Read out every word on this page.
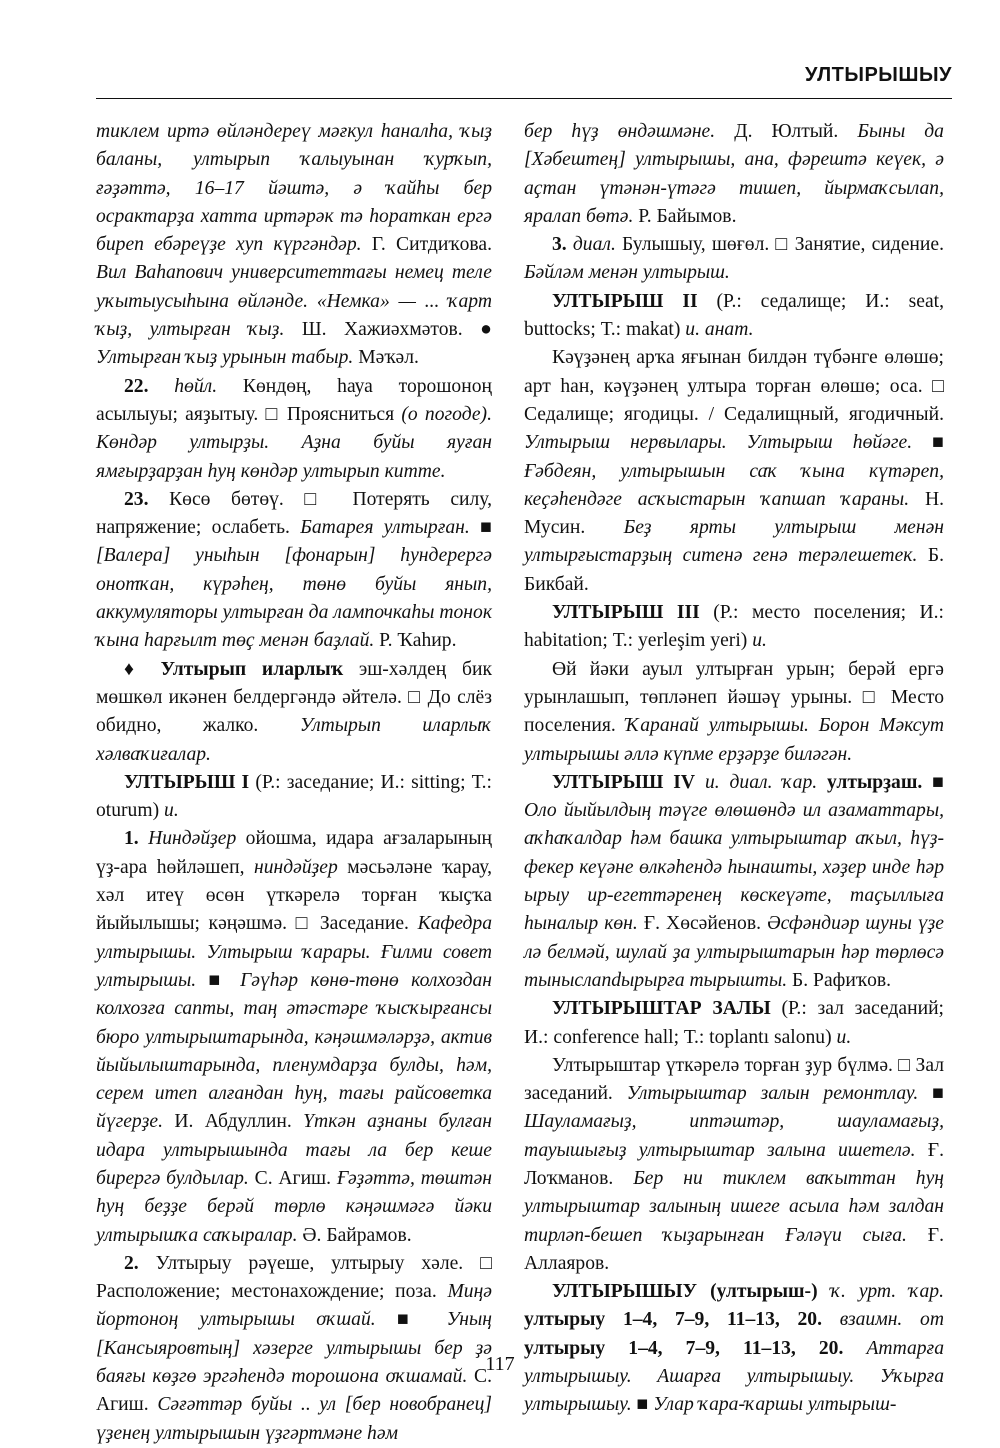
УЛТЫРЫШЫУ

тиклем иртә өйләндереү мәғкул һаналһа, ҡыҙ баланы, ултырып ҡалыуынан ҡурҡып, ғәҙәттә, 16–17 йәштә, ә ҡайһы бер осрактарҙа хатта иртәрәк тә һораткан ергә биреп ебәреүҙе хуп күргәндәр. Г. Ситдиҡова. Вил Ваһапович университеттағы немец теле уҡытыусыһына өйләнде. «Немка» — ... ҡарт ҡыҙ, ултырған ҡыҙ. Ш. Хажиәхмәтов. ● Ултырған ҡыҙ урынын табыр. Мәҡәл.

22. һөйл. Көндөң, һауа торошоноң асылыуы; аяҙытыу. □ Проясниться (о погоде). Көндәр ултырҙы. Аҙна буйы яуған ямғырҙарҙан һуң көндәр ултырып китте.

23. Көсө бөтөү. □ Потерять силу, напряжение; ослабеть. Батарея ултырған. ■ [Валера] уныһын [фонарын] һундерергә онотҡан, күрәһең, төнө буйы янып, аккумуляторы ултырған да лампочкаһы тонок ҡына һарғылт төҫ менән баҙлай. Р. Ҡаһир.

♦ Ултырып иларлыҡ эш-хәлдең бик мөшкөл икәнен белдергәндә әйтелә. □ До слёз обидно, жалко. Ултырып иларлыҡ хәлваҡиғалар.

УЛТЫРЫШ I (Р.: заседание; И.: sitting; Т.: oturum) и.

1. Ниндәйҙер ойошма, идара ағзаларының үҙ-ара һөйләшеп, ниндәйҙер мәсьәләне ҡарау, хәл итеү өсөн үткәрелә торған ҡыҫҡа йыйылышы; кәңәшмә. □ Заседание. Кафедра ултырышы. Ултырыш ҡарары. Ғилми совет ултырышы. ■ Гәүһәр көнө-төнө колхоздан колхозға сапты, таң әтәстәре ҡысҡырғансы бюро ултырыштарында, кәңәшмәләрҙә, актив йыйылыштарында, пленумдарҙа булды, һәм, серем итеп алғандан һуң, тағы райсоветка йүгерҙе. И. Абдуллин. Үткән аҙнаны булған идара ултырышында тағы ла бер кеше бирергә булдылар. С. Агиш. Ғәҙәттә, төштән һуң беҙҙе берәй төрлө кәңәшмәгә йәки ултырышҡа саҡыралар. Ә. Байрамов.

2. Ултырыу рәүеше, ултырыу хәле. □ Расположение; местонахождение; поза. Миңә йортоноң ултырышы оҡшай. ■ Уның [Кансыяровтың] хәзерге ултырышы бер ҙә баяғы көҙгө эргәһендә торошона оҡшамай. С. Агиш. Сәғәттәр буйы .. ул [бер новобранец] үҙенең ултырышын үҙгәртмәне һәм

бер һүҙ өндәшмәне. Д. Юлтый. Быны да [Хәбештең] ултырышы, ана, фәрештә кеүек, ә аҫтан үтәнән-үтәгә тишеп, йырмаҡсылап, яралап бөтә. Р. Байымов.

3. диал. Булышыу, шөғөл. □ Занятие, сидение. Бәйләм менән ултырыш.

УЛТЫРЫШ II (Р.: седалище; И.: seat, buttocks; Т.: makat) и. анат.

Кәүҙәнең арҡа яғынан билдән түбәнге өлөшө; арт һан, кәүҙәнең ултыра торған өлөшө; оса. □ Седалище; ягодицы. / Седалищный, ягодичный. Ултырыш нервылары. Ултырыш һөйәге. ■ Ғәбдеян, ултырышын саҡ ҡына күтәреп, кеҫәһендәге асҡыстарын ҡапшап ҡараны. Н. Мусин. Беҙ ярты ултырыш менән ултырғыстарҙың ситенә генә терәлешетек. Б. Бикбай.

УЛТЫРЫШ III (Р.: место поселения; И.: habitation; Т.: yerleşim yeri) и.

Өй йәки ауыл ултырған урын; берәй ергә урынлашып, төпләнеп йәшәү урыны. □ Место поселения. Ҡаранай ултырышы. Борон Мәксут ултырышы әллә күпме ерҙәрҙе биләгән.

УЛТЫРЫШ IV и. диал. ҡар. ултырҙаш. ■ Оло йыйылдың тәүге өлөшөндә ил азаматтары, аҡһаҡалдар һәм башка ултырыштар аҡыл, һүҙ-фекер кеүәне өлкәһендә һынашты, хәҙер инде һәр ырыу ир-егеттәренең көскеүәте, таҫыллыға һыналыр көн. Ғ. Хөсәйенов. Әсфәндиәр шуны үҙе лә белмәй, шулай ҙа ултырыштарын һәр төрлөсә тыныслandырырға тырышты. Б. Рафиҡов.

УЛТЫРЫШТАР ЗАЛЫ (Р.: зал заседаний; И.: conference hall; Т.: toplantı salonu) и.

Ултырыштар үткәрелә торған ҙур бүлмә. □ Зал заседаний. Ултырыштар залын ремонтлау. ■ Шауламағыҙ, иптәштәр, шауламағыҙ, тауышығыҙ ултырыштар залына ишетелә. Ғ. Лоҡманов. Бер ни тиклем ваҡыттан һуң ултырыштар залының ишеге асыла һәм залдан тирләп-бешеп ҡыҙарынған Ғәләүи сыға. Ғ. Аллаяров.

УЛТЫРЫШЫУ (ултырыш-) ҡ. урт. ҡар. ултырыу 1–4, 7–9, 11–13, 20. взаимн. от ултырыу 1–4, 7–9, 11–13, 20. Аттарға ултырышыу. Ашарға ултырышыу. Уҡырға ултырышыу. ■ Улар ҡара-ҡаршы ултырыш-

117
